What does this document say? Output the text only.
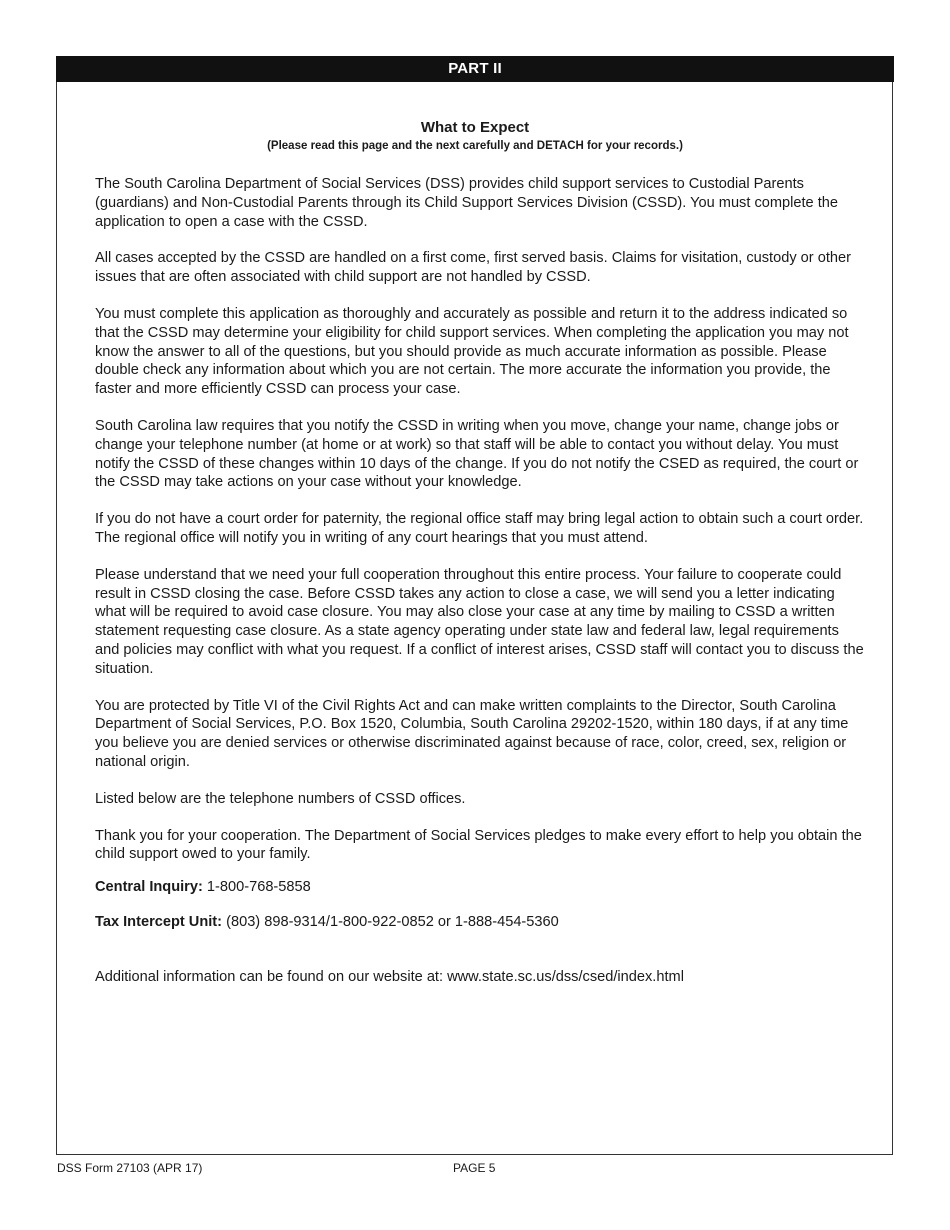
PART II
What to Expect
(Please read this page and the next carefully and DETACH for your records.)

The South Carolina Department of Social Services (DSS) provides child support services to Custodial Parents (guardians) and Non-Custodial Parents through its Child Support Services Division (CSSD). You must complete the application to open a case with the CSSD.

All cases accepted by the CSSD are handled on a first come, first served basis. Claims for visitation, custody or other issues that are often associated with child support are not handled by CSSD.

You must complete this application as thoroughly and accurately as possible and return it to the address indicated so that the CSSD may determine your eligibility for child support services. When completing the application you may not know the answer to all of the questions, but you should provide as much accurate information as possible. Please double check any information about which you are not certain. The more accurate the information you provide, the faster and more efficiently CSSD can process your case.

South Carolina law requires that you notify the CSSD in writing when you move, change your name, change jobs or change your telephone number (at home or at work) so that staff will be able to contact you without delay. You must notify the CSSD of these changes within 10 days of the change. If you do not notify the CSED as required, the court or the CSSD may take actions on your case without your knowledge.

If you do not have a court order for paternity, the regional office staff may bring legal action to obtain such a court order. The regional office will notify you in writing of any court hearings that you must attend.

Please understand that we need your full cooperation throughout this entire process. Your failure to cooperate could result in CSSD closing the case. Before CSSD takes any action to close a case, we will send you a letter indicating what will be required to avoid case closure. You may also close your case at any time by mailing to CSSD a written statement requesting case closure. As a state agency operating under state law and federal law, legal requirements and policies may conflict with what you request. If a conflict of interest arises, CSSD staff will contact you to discuss the situation.

You are protected by Title VI of the Civil Rights Act and can make written complaints to the Director, South Carolina Department of Social Services, P.O. Box 1520, Columbia, South Carolina 29202-1520, within 180 days, if at any time you believe you are denied services or otherwise discriminated against because of race, color, creed, sex, religion or national origin.

Listed below are the telephone numbers of CSSD offices.

Thank you for your cooperation. The Department of Social Services pledges to make every effort to help you obtain the child support owed to your family.

Central Inquiry: 1-800-768-5858
Tax Intercept Unit: (803) 898-9314/1-800-922-0852 or 1-888-454-5360
Additional information can be found on our website at: www.state.sc.us/dss/csed/index.html
DSS Form 27103 (APR 17)	PAGE 5
